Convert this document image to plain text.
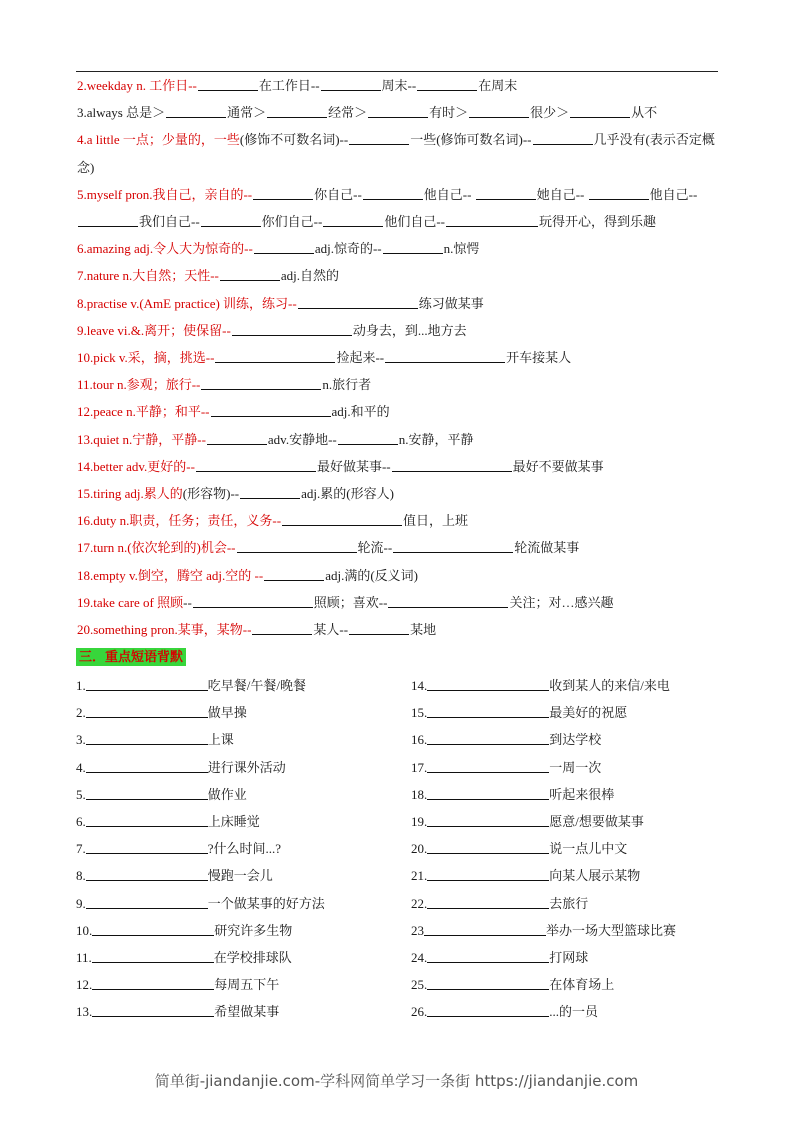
2.weekday n. 工作日--	在工作日--	周末--	在周末

3.always 总是＞	通常＞	经常＞	有时＞	很少＞	从不

4.a little 一点；少量的，一些(修饰不可数名词)--	一些(修饰可数名词)--	几乎没有(表示否定概念)

5.myself pron.我自己，亲自的--	你自己--	他自己--	她自己--	他自己-- 我们自己--	你们自己--	他们自己--	玩得开心，得到乐趣

6.amazing adj.令人大为惊奇的--	adj.惊奇的--	n.惊愕

7.nature n.大自然；天性--	adj.自然的

8.practise v.(AmE practice) 训练，练习--	练习做某事

9.leave vi.&.离开；使保留--	动身去，到...地方去

10.pick v.采，摘，挑选--	捡起来--	开车接某人

11.tour n.参观；旅行--	n.旅行者

12.peace n.平静；和平--	adj.和平的

13.quiet n.宁静，平静--	adv.安静地--	n.安静，平静

14.better adv.更好的--	最好做某事--	最好不要做某事

15.tiring adj.累人的(形容物)--	adj.累的(形容人)

16.duty n.职责，任务；责任，义务--	值日，上班

17.turn n.(依次轮到的)机会--	轮流--	轮流做某事

18.empty v.倒空，腾空 adj.空的 --	adj.满的(反义词)

19.take care of 照顾--	照顾；喜欢--	关注；对…感兴趣

20.something pron.某事，某物--	某人--	某地

三．重点短语背默
1.	吃早餐/午餐/晚餐
2.	做早操
3.	上课
4.	进行课外活动
5.	做作业
6.	上床睡觉
7.	?什么时间...?
8.	慢跑一会儿
9.	一个做某事的好方法
10.	研究许多生物
11.	在学校排球队
12.	每周五下午
13.	希望做某事
14.	收到某人的来信/来电
15.	最美好的祝愿
16.	到达学校
17.	一周一次
18.	听起来很棒
19.	愿意/想要做某事
20.	说一点儿中文
21.	向某人展示某物
22.	去旅行
23	举办一场大型篮球比赛
24.	打网球
25.	在体育场上
26.	...的一员
简单街-jiandanjie.com-学科网简单学习一条街 https://jiandanjie.com
